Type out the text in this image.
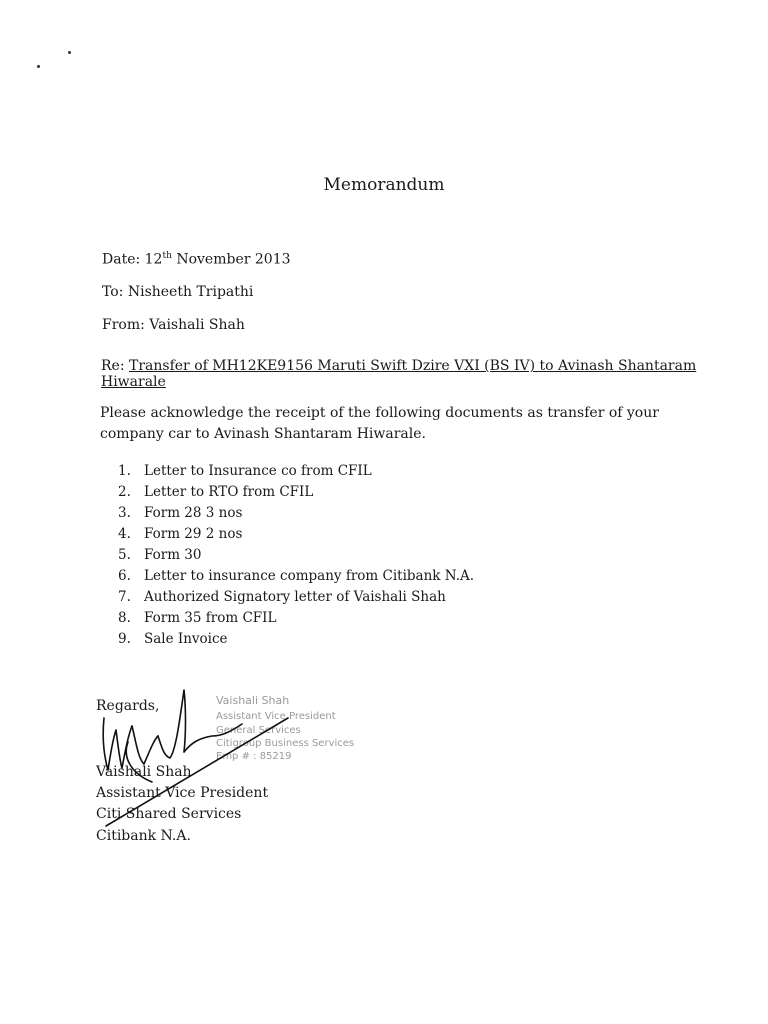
Memorandum
Date: 12th November 2013
To: Nisheeth Tripathi
From: Vaishali Shah
Re: Transfer of MH12KE9156 Maruti Swift Dzire VXI (BS IV) to Avinash Shantaram
Hiwarale
Please acknowledge the receipt of the following documents as transfer of your company car to Avinash Shantaram Hiwarale.
1. Letter to Insurance co from CFIL
2. Letter to RTO from CFIL
3. Form 28 3 nos
4. Form 29 2 nos
5. Form 30
6. Letter to insurance company from Citibank N.A.
7. Authorized Signatory letter of Vaishali Shah
8. Form 35 from CFIL
9. Sale Invoice
Vaishali Shah
Assistant Vice President
General Services
Citigroup Business Services
Emp # : 85219
Regards,
Vaishali Shah
Assistant Vice President
Citi Shared Services
Citibank N.A.
